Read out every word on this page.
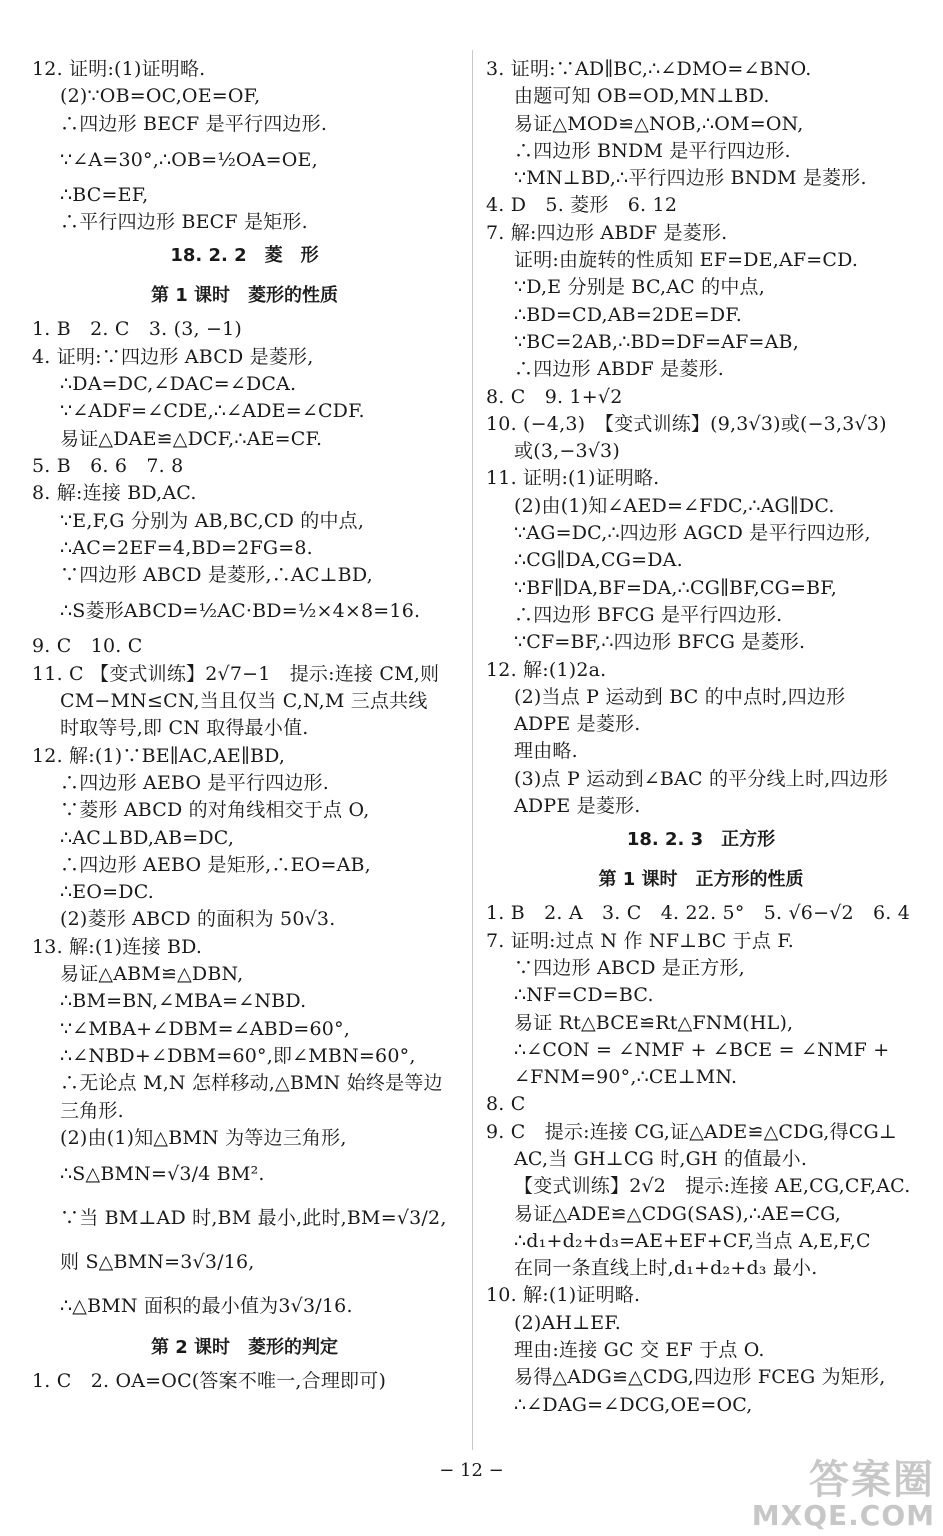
12. 证明:(1)证明略.
(2)∵OB=OC,OE=OF,
∴四边形 BECF 是平行四边形.
∵∠A=30°,∴OB=½OA=OE,
∴BC=EF,
∴平行四边形 BECF 是矩形.
18. 2. 2　菱　形
第 1 课时　菱形的性质
1. B　2. C　3. (3, −1)
4. 证明:∵四边形 ABCD 是菱形,
∴DA=DC,∠DAC=∠DCA.
∵∠ADF=∠CDE,∴∠ADE=∠CDF.
易证△DAE≌△DCF,∴AE=CF.
5. B　6. 6　7. 8
8. 解:连接 BD,AC.
∵E,F,G 分别为 AB,BC,CD 的中点,
∴AC=2EF=4,BD=2FG=8.
∵四边形 ABCD 是菱形,∴AC⊥BD,
∴S菱形ABCD=½AC·BD=½×4×8=16.
9. C　10. C
11. C 【变式训练】2√7−1　提示:连接 CM,则
CM−MN≤CN,当且仅当 C,N,M 三点共线
时取等号,即 CN 取得最小值.
12. 解:(1)∵BE∥AC,AE∥BD,
∴四边形 AEBO 是平行四边形.
∵菱形 ABCD 的对角线相交于点 O,
∴AC⊥BD,AB=DC,
∴四边形 AEBO 是矩形,∴EO=AB,
∴EO=DC.
(2)菱形 ABCD 的面积为 50√3.
13. 解:(1)连接 BD.
易证△ABM≌△DBN,
∴BM=BN,∠MBA=∠NBD.
∵∠MBA+∠DBM=∠ABD=60°,
∴∠NBD+∠DBM=60°,即∠MBN=60°,
∴无论点 M,N 怎样移动,△BMN 始终是等边
三角形.
(2)由(1)知△BMN 为等边三角形,
∴S△BMN=√3/4 BM².
∵当 BM⊥AD 时,BM 最小,此时,BM=√3/2,
则 S△BMN=3√3/16,
∴△BMN 面积的最小值为3√3/16.
第 2 课时　菱形的判定
1. C　2. OA=OC(答案不唯一,合理即可)
3. 证明:∵AD∥BC,∴∠DMO=∠BNO.
由题可知 OB=OD,MN⊥BD.
易证△MOD≌△NOB,∴OM=ON,
∴四边形 BNDM 是平行四边形.
∵MN⊥BD,∴平行四边形 BNDM 是菱形.
4. D　5. 菱形　6. 12
7. 解:四边形 ABDF 是菱形.
证明:由旋转的性质知 EF=DE,AF=CD.
∵D,E 分别是 BC,AC 的中点,
∴BD=CD,AB=2DE=DF.
∵BC=2AB,∴BD=DF=AF=AB,
∴四边形 ABDF 是菱形.
8. C　9. 1+√2
10. (−4,3)　【变式训练】(9,3√3)或(−3,3√3)
或(3,−3√3)
11. 证明:(1)证明略.
(2)由(1)知∠AED=∠FDC,∴AG∥DC.
∵AG=DC,∴四边形 AGCD 是平行四边形,
∴CG∥DA,CG=DA.
∵BF∥DA,BF=DA,∴CG∥BF,CG=BF,
∴四边形 BFCG 是平行四边形.
∵CF=BF,∴四边形 BFCG 是菱形.
12. 解:(1)2a.
(2)当点 P 运动到 BC 的中点时,四边形
ADPE 是菱形.
理由略.
(3)点 P 运动到∠BAC 的平分线上时,四边形
ADPE 是菱形.
18. 2. 3　正方形
第 1 课时　正方形的性质
1. B　2. A　3. C　4. 22. 5°　5. √6−√2　6. 4
7. 证明:过点 N 作 NF⊥BC 于点 F.
∵四边形 ABCD 是正方形,
∴NF=CD=BC.
易证 Rt△BCE≌Rt△FNM(HL),
∴∠CON = ∠NMF + ∠BCE = ∠NMF +
∠FNM=90°,∴CE⊥MN.
8. C
9. C　提示:连接 CG,证△ADE≌△CDG,得CG⊥
AC,当 GH⊥CG 时,GH 的值最小.
【变式训练】2√2　提示:连接 AE,CG,CF,AC.
易证△ADE≌△CDG(SAS),∴AE=CG,
∴d₁+d₂+d₃=AE+EF+CF,当点 A,E,F,C
在同一条直线上时,d₁+d₂+d₃ 最小.
10. 解:(1)证明略.
(2)AH⊥EF.
理由:连接 GC 交 EF 于点 O.
易得△ADG≌△CDG,四边形 FCEG 为矩形,
∴∠DAG=∠DCG,OE=OC,
− 12 −	答案圈
MXQE.COM
